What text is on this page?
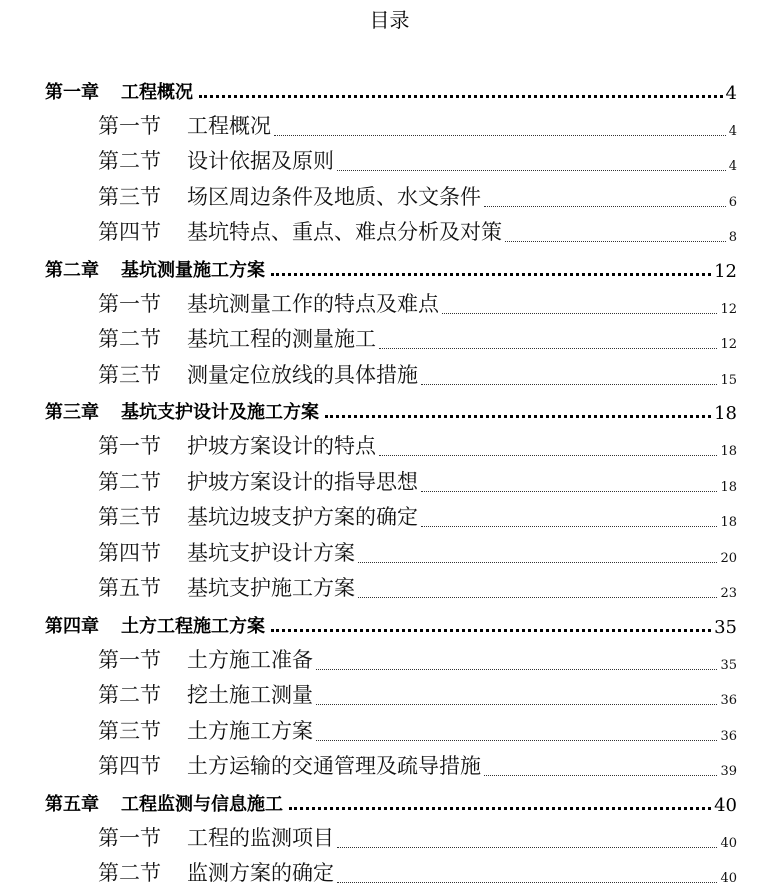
目录
第一章 工程概况	4
第一节 工程概况	4
第二节 设计依据及原则	4
第三节 场区周边条件及地质、水文条件	6
第四节 基坑特点、重点、难点分析及对策	8
第二章 基坑测量施工方案	12
第一节 基坑测量工作的特点及难点	12
第二节 基坑工程的测量施工	12
第三节 测量定位放线的具体措施	15
第三章 基坑支护设计及施工方案	18
第一节 护坡方案设计的特点	18
第二节 护坡方案设计的指导思想	18
第三节 基坑边坡支护方案的确定	18
第四节 基坑支护设计方案	20
第五节 基坑支护施工方案	23
第四章 土方工程施工方案	35
第一节 土方施工准备	35
第二节 挖土施工测量	36
第三节 土方施工方案	36
第四节 土方运输的交通管理及疏导措施	39
第五章 工程监测与信息施工	40
第一节 工程的监测项目	40
第二节 监测方案的确定	40
